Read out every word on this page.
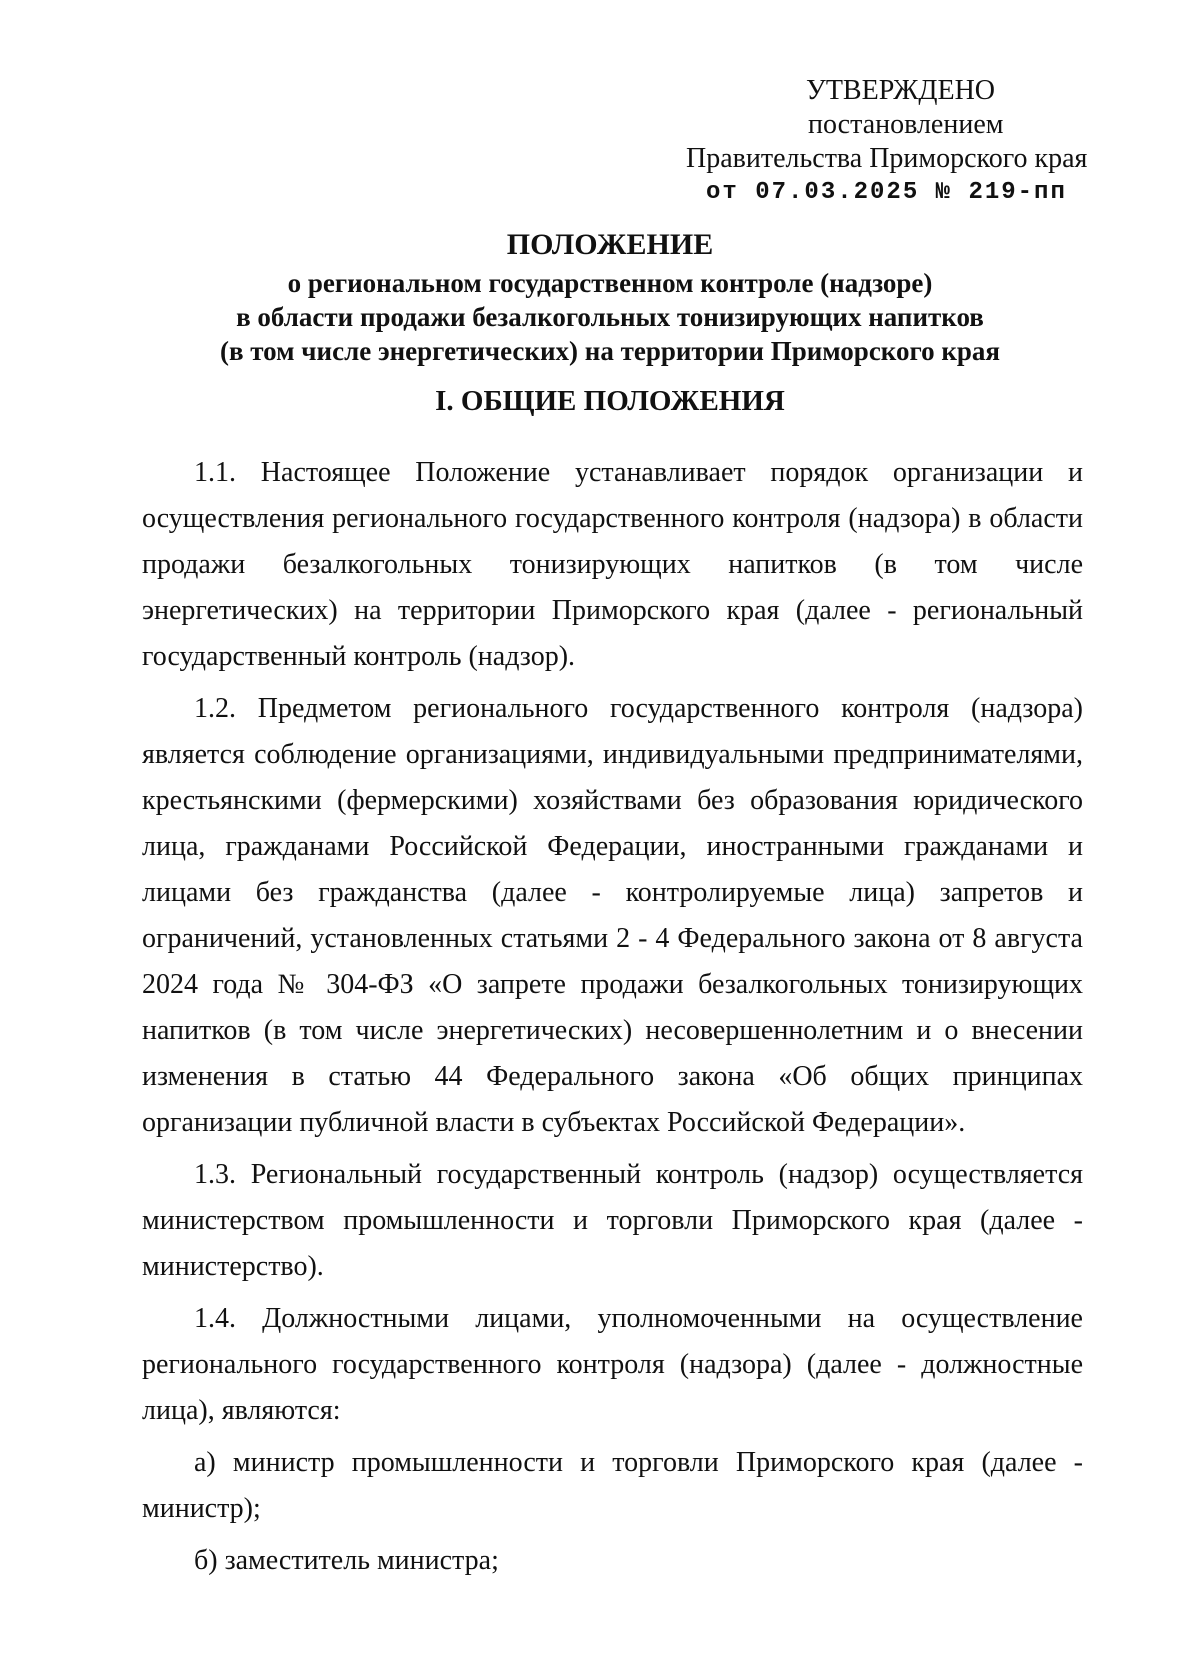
УТВЕРЖДЕНО
постановлением
Правительства Приморского края
от 07.03.2025 № 219-пп
ПОЛОЖЕНИЕ
о региональном государственном контроле (надзоре)
в области продажи безалкогольных тонизирующих напитков
(в том числе энергетических) на территории Приморского края
I. ОБЩИЕ ПОЛОЖЕНИЯ

1.1. Настоящее Положение устанавливает порядок организации и осуществления регионального государственного контроля (надзора) в области продажи безалкогольных тонизирующих напитков (в том числе энергетических) на территории Приморского края (далее - региональный государственный контроль (надзор).

1.2. Предметом регионального государственного контроля (надзора) является соблюдение организациями, индивидуальными предпринимателями, крестьянскими (фермерскими) хозяйствами без образования юридического лица, гражданами Российской Федерации, иностранными гражданами и лицами без гражданства (далее - контролируемые лица) запретов и ограничений, установленных статьями 2 - 4 Федерального закона от 8 августа 2024 года № 304-ФЗ «О запрете продажи безалкогольных тонизирующих напитков (в том числе энергетических) несовершеннолетним и о внесении изменения в статью 44 Федерального закона «Об общих принципах организации публичной власти в субъектах Российской Федерации».

1.3. Региональный государственный контроль (надзор) осуществляется министерством промышленности и торговли Приморского края (далее - министерство).

1.4. Должностными лицами, уполномоченными на осуществление регионального государственного контроля (надзора) (далее - должностные лица), являются:

а) министр промышленности и торговли Приморского края (далее - министр);

б) заместитель министра;
